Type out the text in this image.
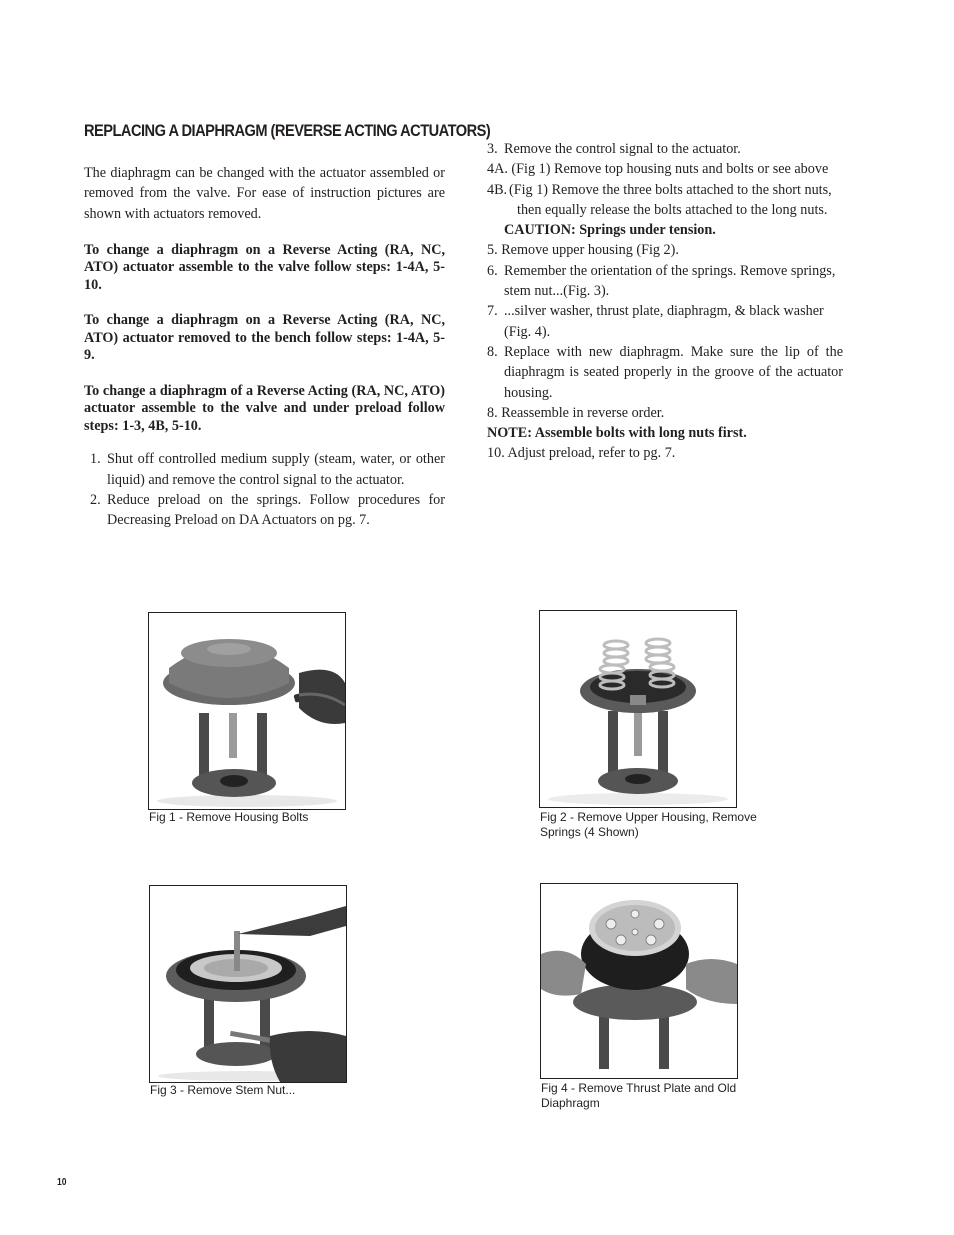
REPLACING A DIAPHRAGM (REVERSE ACTING ACTUATORS)

The diaphragm can be changed with the actuator assembled or removed from the valve. For ease of instruction pictures are shown with actuators removed.

To change a diaphragm on a Reverse Acting (RA, NC, ATO) actuator assemble to the valve follow steps: 1-4A, 5-10.

To change a diaphragm on a Reverse Acting (RA, NC, ATO) actuator removed to the bench follow steps: 1-4A, 5-9.

To change a diaphragm of a Reverse Acting (RA, NC, ATO) actuator assemble to the valve and under preload follow steps: 1-3, 4B, 5-10.

1. Shut off controlled medium supply (steam, water, or other liquid) and remove the control signal to the actuator.
2. Reduce preload on the springs. Follow procedures for Decreasing Preload on DA Actuators on pg. 7.
3. Remove the control signal to the actuator.

4A. (Fig 1) Remove top housing nuts and bolts or see above

4B. (Fig 1) Remove the three bolts attached to the short nuts, then equally release the bolts attached to the long nuts.

CAUTION: Springs under tension.

5. Remove upper housing (Fig 2).

6. Remember the orientation of the springs. Remove springs, stem nut...(Fig. 3).
7. ...silver washer, thrust plate, diaphragm, & black washer (Fig. 4).
8. Replace with new diaphragm. Make sure the lip of the diaphragm is seated properly in the groove of the actuator housing.

8. Reassemble in reverse order.

NOTE: Assemble bolts with long nuts first.

10. Adjust preload, refer to pg. 7.

Fig 1 - Remove Housing Bolts	Fig 2 - Remove Upper Housing, Remove Springs (4 Shown)
Fig 3 - Remove Stem Nut...	Fig 4 - Remove Thrust Plate and Old Diaphragm
10
